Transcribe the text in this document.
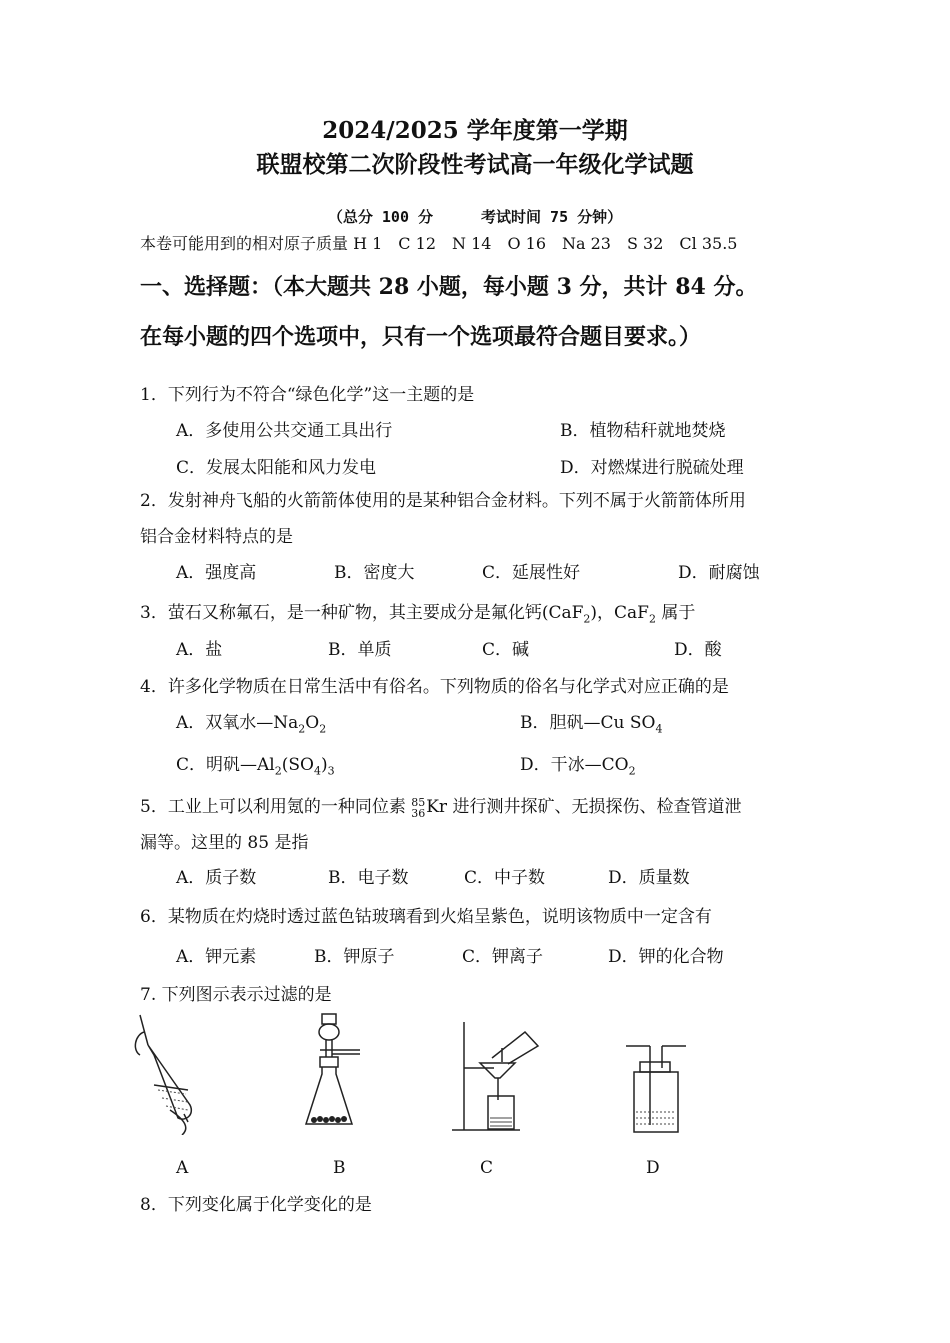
2024/2025 学年度第一学期
联盟校第二次阶段性考试高一年级化学试题
（总分 100 分	考试时间 75 分钟）
本卷可能用到的相对原子质量 H 1　C 12　N 14　O 16　Na 23　S 32　Cl 35.5
一、选择题：（本大题共 28 小题，每小题 3 分，共计 84 分。
在每小题的四个选项中，只有一个选项最符合题目要求。）
1．下列行为不符合“绿色化学”这一主题的是
A．多使用公共交通工具出行	B．植物秸秆就地焚烧
C．发展太阳能和风力发电	D．对燃煤进行脱硫处理
2．发射神舟飞船的火箭箭体使用的是某种铝合金材料。下列不属于火箭箭体所用
铝合金材料特点的是
A．强度高	B．密度大	C．延展性好	D．耐腐蚀
3．萤石又称氟石，是一种矿物，其主要成分是氟化钙(CaF$_2$)，CaF$_2$ 属于
A．盐	B．单质	C．碱	D．酸
4．许多化学物质在日常生活中有俗名。下列物质的俗名与化学式对应正确的是
A．双氧水$—Na_2O_2$	B．胆矾—Cu $SO_4$
C．明矾$—Al_2(SO_4)_3$	D．干冰$—CO_2$
5．工业上可以利用氪的一种同位素 85
36 Kr 进行测井探矿、无损探伤、检查管道泄
漏等。这里的 85 是指
A．质子数	B．电子数	C．中子数	D．质量数
6．某物质在灼烧时透过蓝色钴玻璃看到火焰呈紫色，说明该物质中一定含有
A．钾元素	B．钾原子	C．钾离子	D．钾的化合物
7. 下列图示表示过滤的是
A	B	C	D
8．下列变化属于化学变化的是
